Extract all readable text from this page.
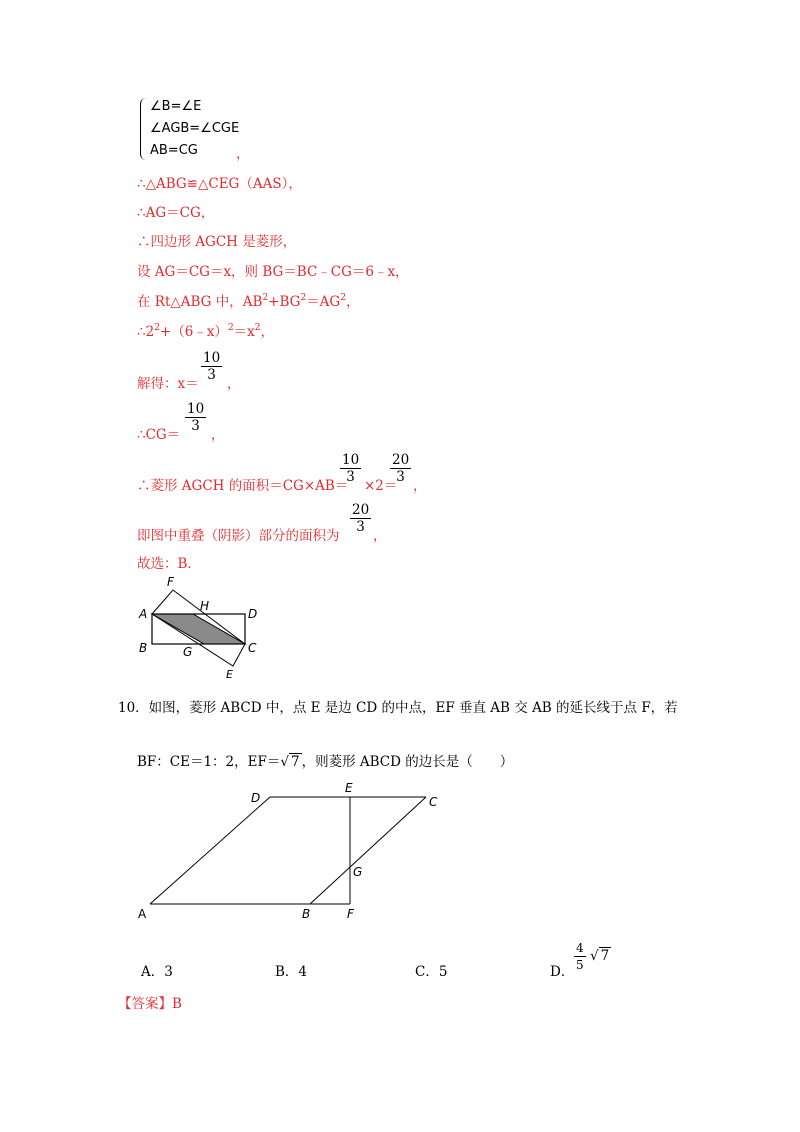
∠B=∠E
∠AGB=∠CGE
AB=CG	，
∴△ABG≌△CEG（AAS），
∴AG＝CG，
∴四边形 AGCH 是菱形，
设 AG＝CG＝x，则 BG＝BC﹣CG＝6﹣x，
在 Rt△ABG 中，$AB^2+BG^2=AG^2$，
$\therefore 2^2+(6﹣x)^2=x^2$，
解得：x＝
$\frac{10}{3}$
，
∴CG＝
$\frac{10}{3}$
，
∴菱形 AGCH 的面积＝CG×AB＝
$\frac{10}{3}$
×2＝
$\frac{20}{3}$
，
即图中重叠（阴影）部分的面积为
$\frac{20}{3}$
，
故选：B．
F
A
H
D
B	G	C
E
10．如图，菱形 ABCD 中，点 E 是边 CD 的中点，EF 垂直 AB 交 AB 的延长线于点 F，若
BF：CE＝1：2，EF＝√ 7 ，则菱形 ABCD 的边长是（　　）
D
E
C
G
A	B	F
A．3	B．4	C．5	D． $\frac{4}{5}$ √ 7
【答案】B
